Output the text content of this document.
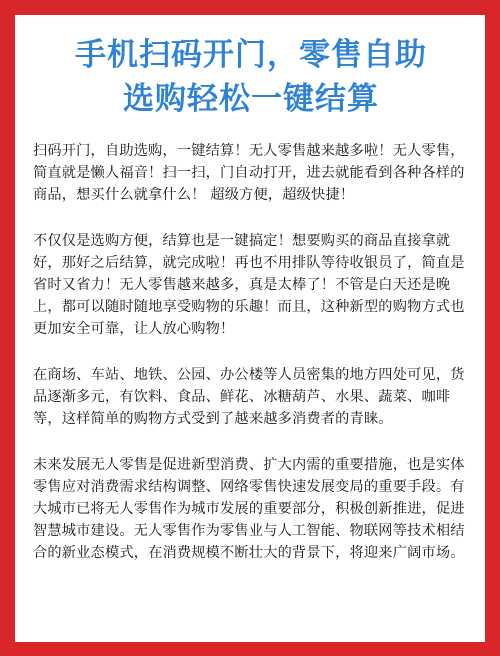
手机扫码开门，零售自助
选购轻松一键结算

扫码开门，自助选购，一键结算！无人零售越来越多啦！无人零售，简直就是懒人福音！扫一扫，门自动打开，进去就能看到各种各样的商品，想买什么就拿什么！ 超级方便，超级快捷！

不仅仅是选购方便，结算也是一键搞定！想要购买的商品直接拿就好，那好之后结算，就完成啦！再也不用排队等待收银员了，简直是省时又省力！无人零售越来越多，真是太棒了！不管是白天还是晚上，都可以随时随地享受购物的乐趣！而且，这种新型的购物方式也更加安全可靠，让人放心购物！

在商场、车站、地铁、公园、办公楼等人员密集的地方四处可见，货品逐渐多元，有饮料、食品、鲜花、冰糖葫芦、水果、蔬菜、咖啡等，这样简单的购物方式受到了越来越多消费者的青睐。

未来发展无人零售是促进新型消费、扩大内需的重要措施，也是实体零售应对消费需求结构调整、网络零售快速发展变局的重要手段。有大城市已将无人零售作为城市发展的重要部分，积极创新推进，促进智慧城市建设。无人零售作为零售业与人工智能、物联网等技术相结合的新业态模式，在消费规模不断壮大的背景下，将迎来广阔市场。
